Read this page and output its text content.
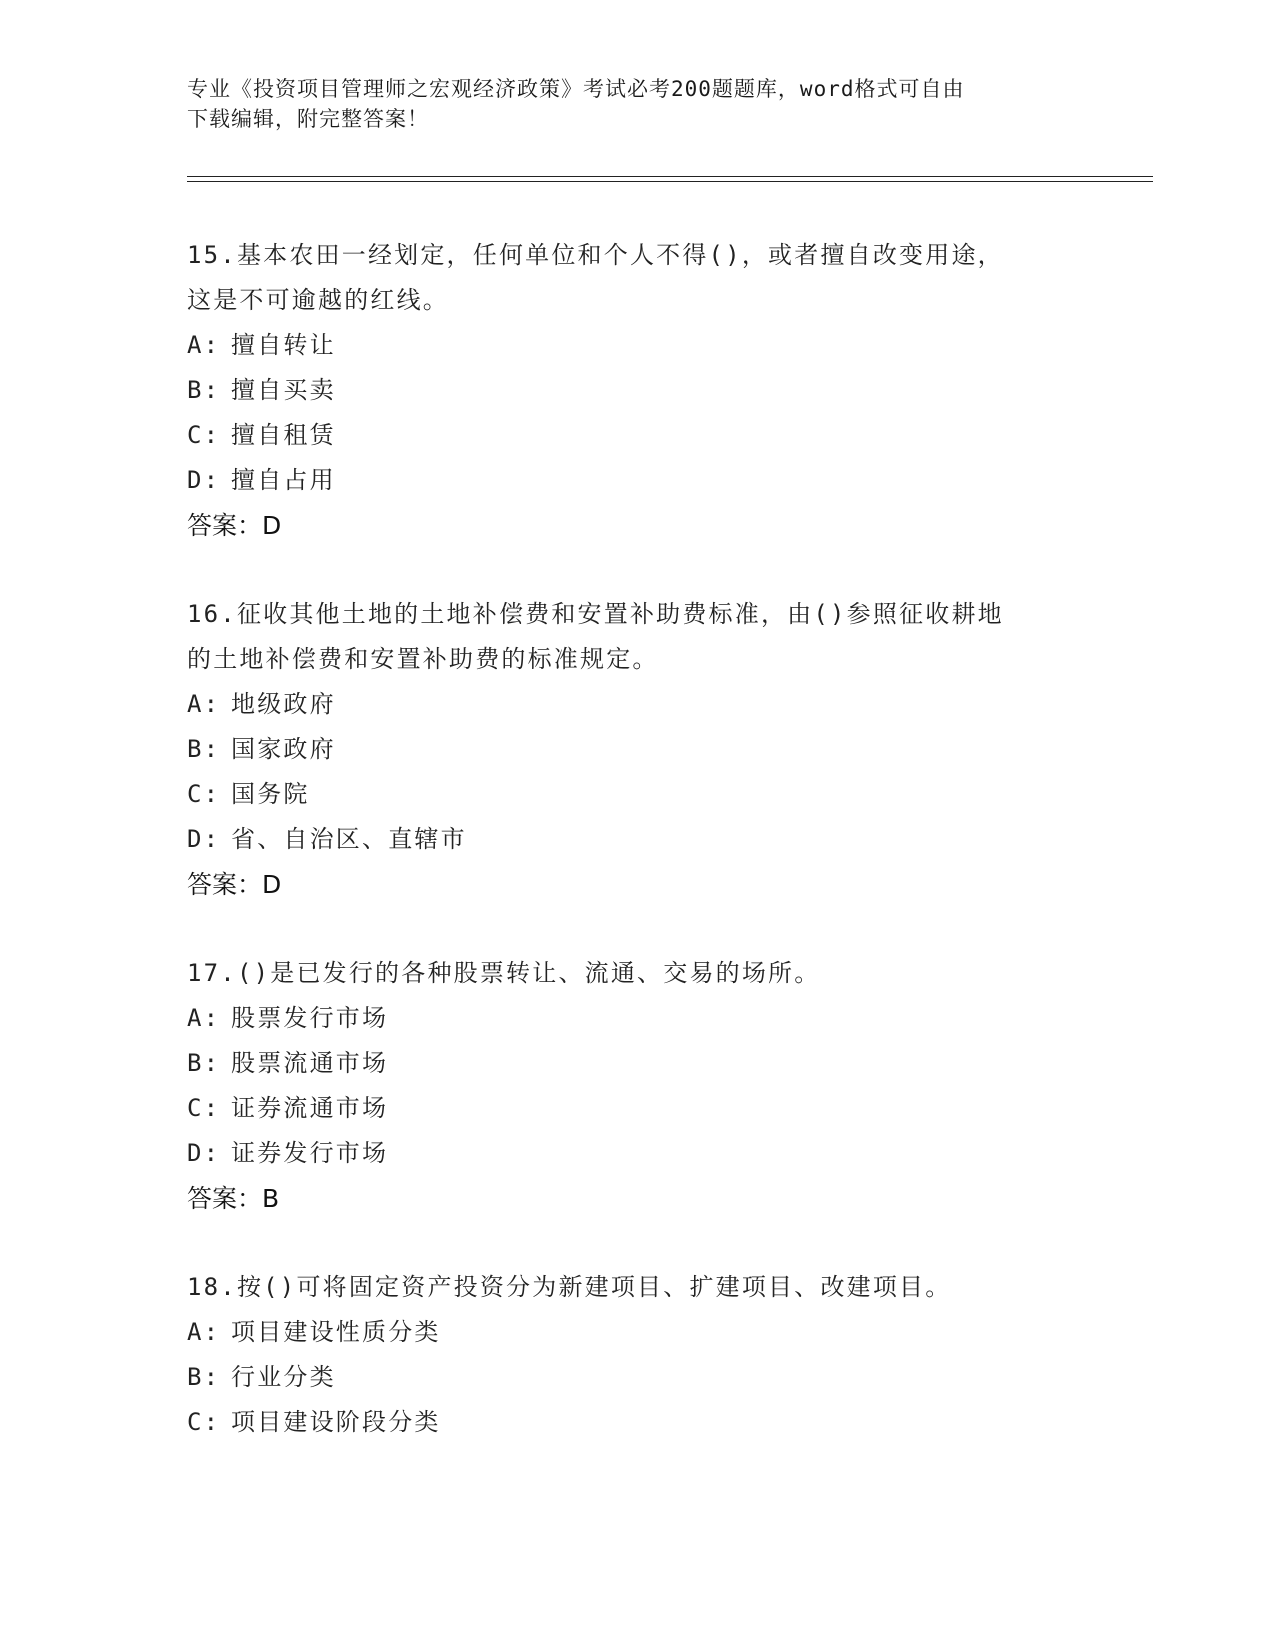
专业《投资项目管理师之宏观经济政策》考试必考200题题库，word格式可自由
下载编辑，附完整答案！
15.基本农田一经划定，任何单位和个人不得()，或者擅自改变用途，
这是不可逾越的红线。
A: 擅自转让
B: 擅自买卖
C: 擅自租赁
D: 擅自占用
答案：D
16.征收其他土地的土地补偿费和安置补助费标准，由()参照征收耕地
的土地补偿费和安置补助费的标准规定。
A: 地级政府
B: 国家政府
C: 国务院
D: 省、自治区、直辖市
答案：D
17.()是已发行的各种股票转让、流通、交易的场所。
A: 股票发行市场
B: 股票流通市场
C: 证券流通市场
D: 证券发行市场
答案：B
18.按()可将固定资产投资分为新建项目、扩建项目、改建项目。
A: 项目建设性质分类
B: 行业分类
C: 项目建设阶段分类
